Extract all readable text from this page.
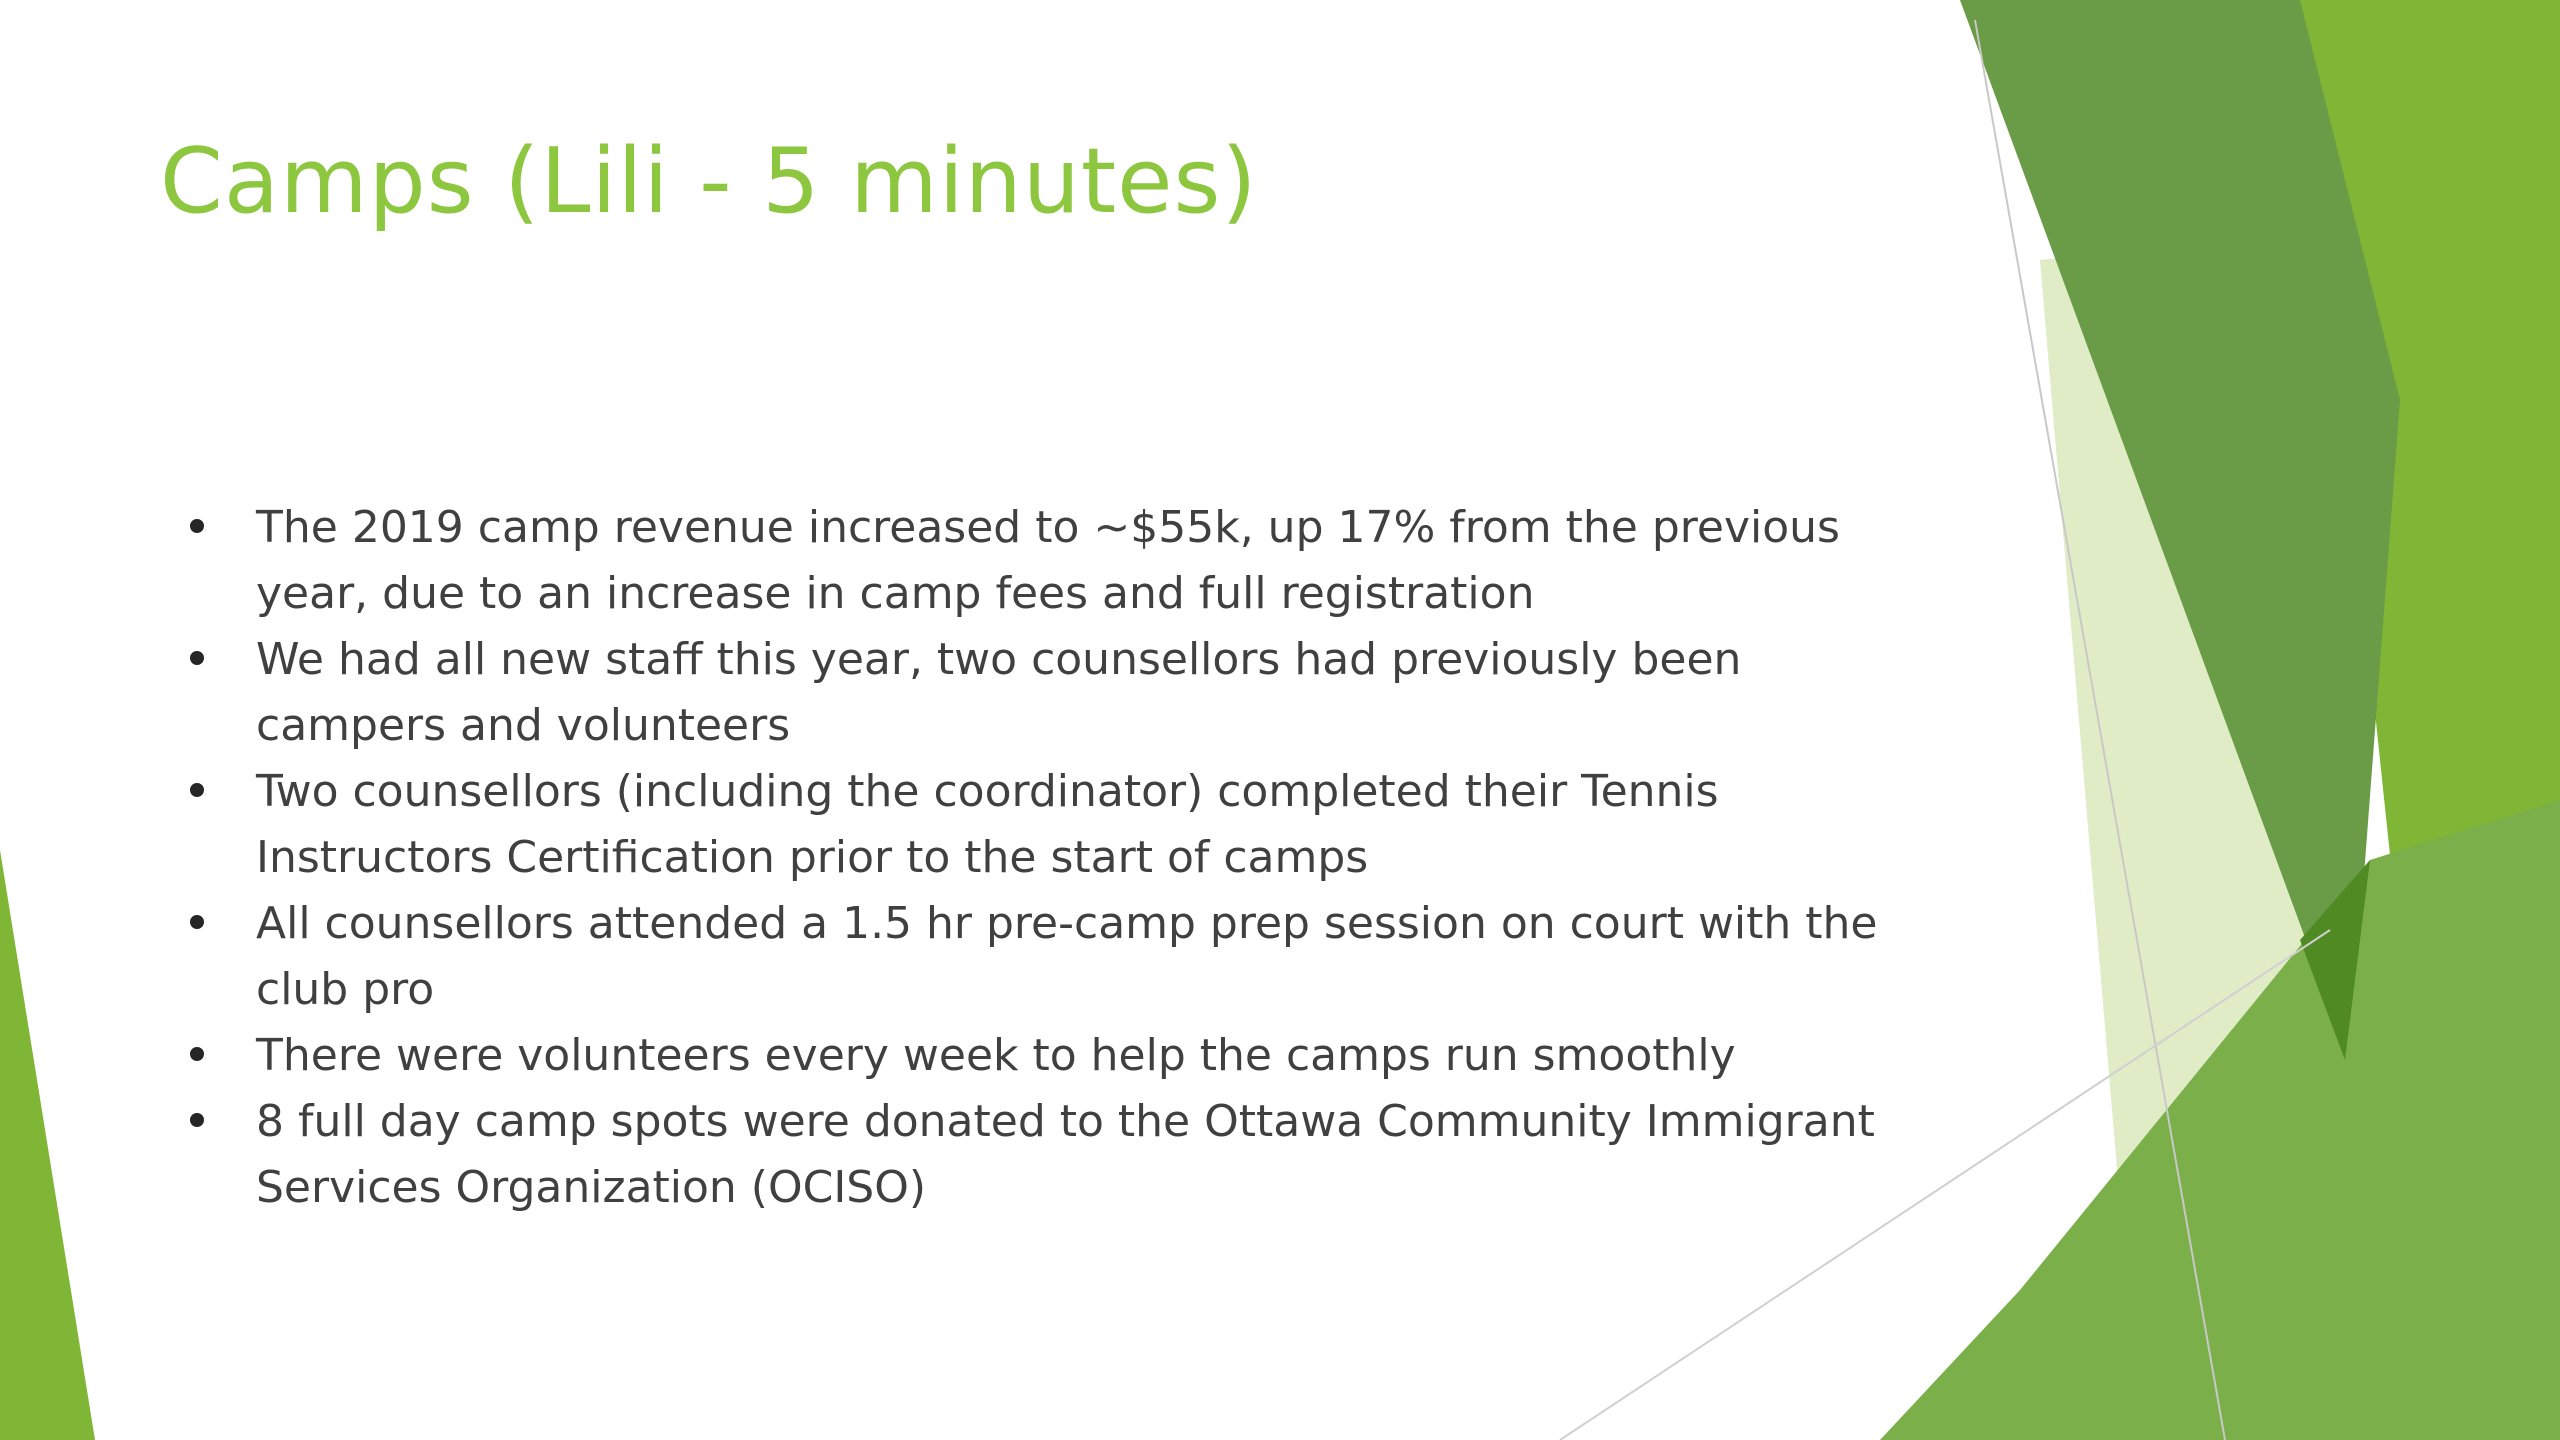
Camps (Lili - 5 minutes)
The 2019 camp revenue increased to ~$55k, up 17% from the previous year, due to an increase in camp fees and full registration
We had all new staff this year, two counsellors had previously been campers and volunteers
Two counsellors (including the coordinator) completed their Tennis Instructors Certification prior to the start of camps
All counsellors attended a 1.5 hr pre-camp prep session on court with the club pro
There were volunteers every week to help the camps run smoothly
8 full day camp spots were donated to the Ottawa Community Immigrant Services Organization (OCISO)
